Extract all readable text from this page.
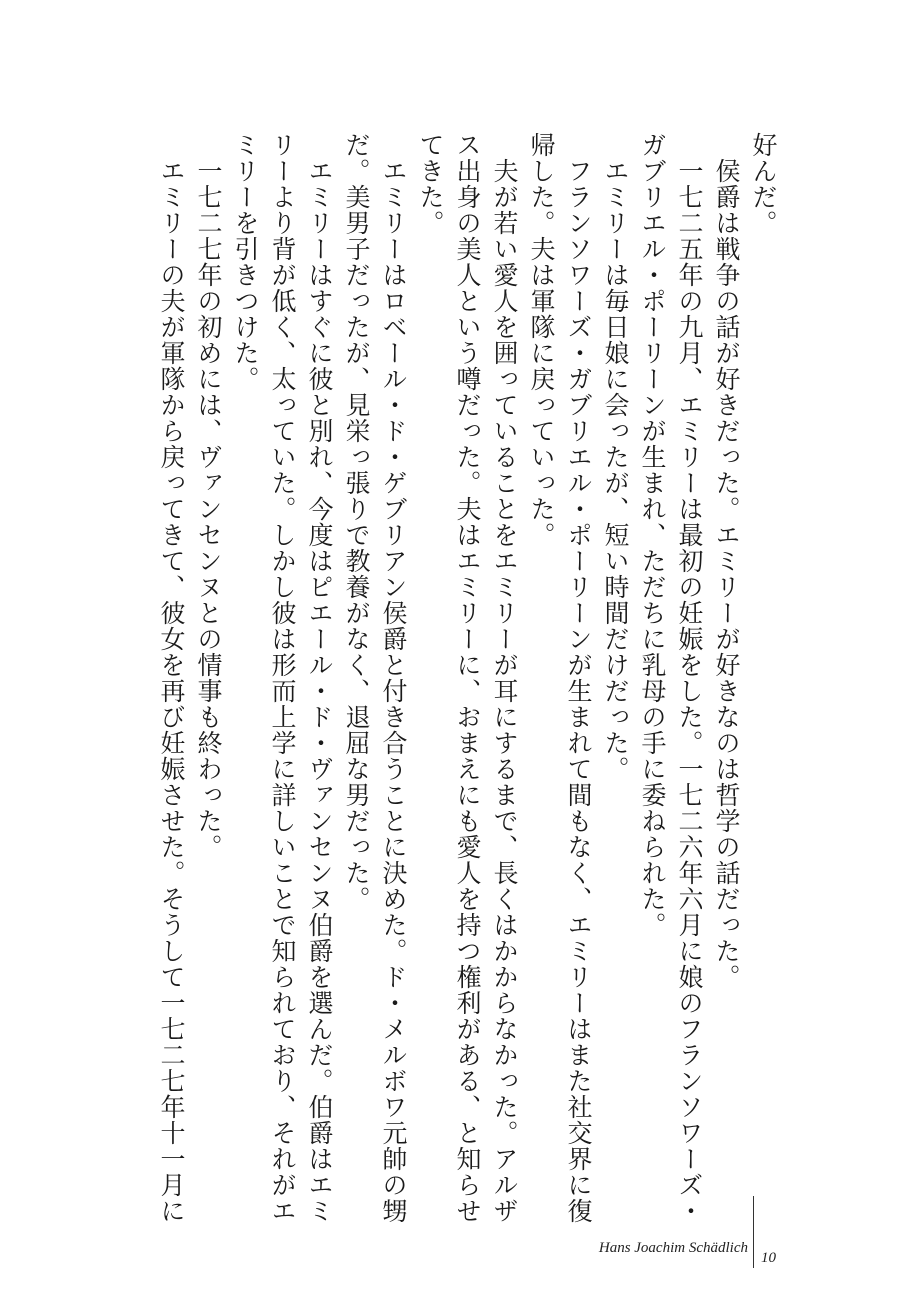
好んだ。

　侯爵は戦争の話が好きだった。エミリーが好きなのは哲学の話だった。

　一七二五年の九月、エミリーは最初の妊娠をした。一七二六年六月に娘のフランソワーズ・

ガブリエル・ポーリーンが生まれ、ただちに乳母の手に委ねられた。

　エミリーは毎日娘に会ったが、短い時間だけだった。

　フランソワーズ・ガブリエル・ポーリーンが生まれて間もなく、エミリーはまた社交界に復

帰した。夫は軍隊に戻っていった。

　夫が若い愛人を囲っていることをエミリーが耳にするまで、長くはかからなかった。アルザ

ス出身の美人という噂だった。夫はエミリーに、おまえにも愛人を持つ権利がある、と知らせ

てきた。

　エミリーはロベール・ド・ゲブリアン侯爵と付き合うことに決めた。ド・メルボワ元帥の甥

だ。美男子だったが、見栄っ張りで教養がなく、退屈な男だった。

　エミリーはすぐに彼と別れ、今度はピエール・ド・ヴァンセンヌ伯爵を選んだ。伯爵はエミ

リーより背が低く、太っていた。しかし彼は形而上学に詳しいことで知られており、それがエ

ミリーを引きつけた。

　一七二七年の初めには、ヴァンセンヌとの情事も終わった。

　エミリーの夫が軍隊から戻ってきて、彼女を再び妊娠させた。そうして一七二七年十一月に

Hans Joachim Schädlich
10
